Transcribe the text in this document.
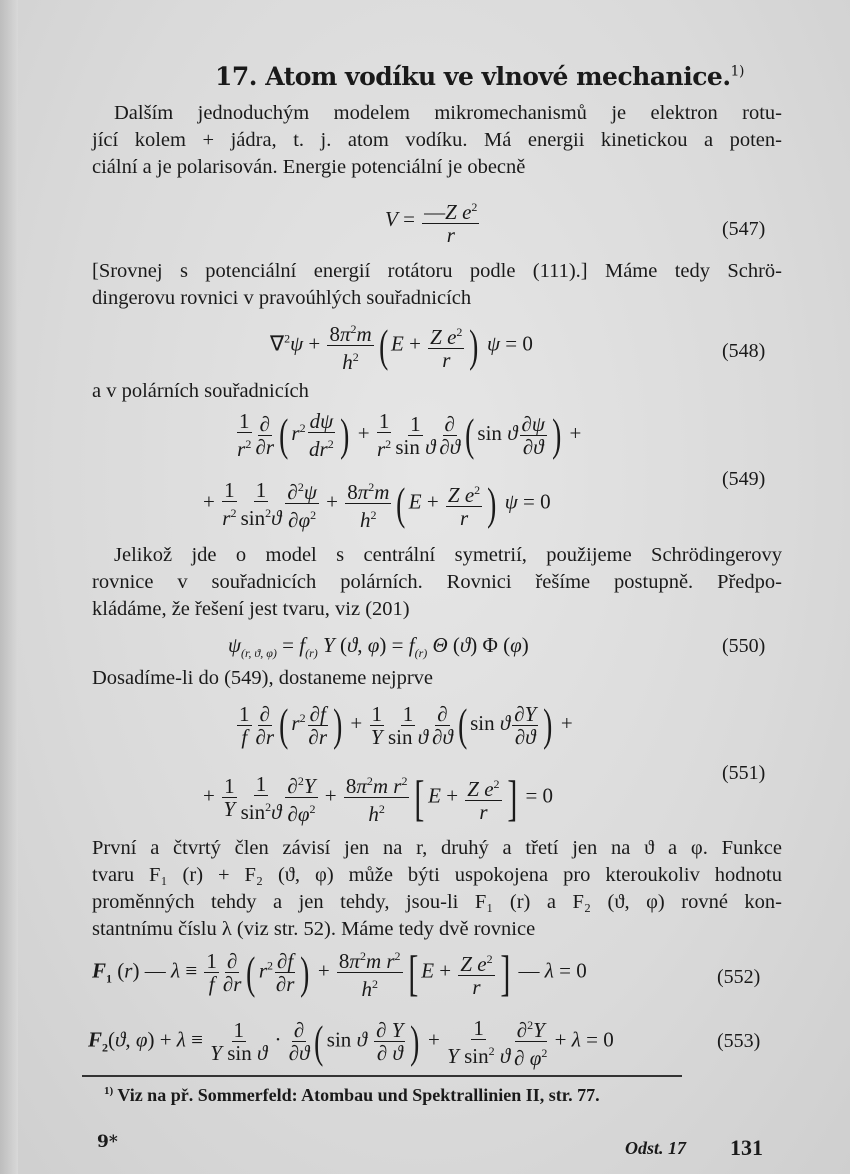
17. Atom vodíku ve vlnové mechanice.$^{1)}$
Dalším jednoduchým modelem mikromechanismů je elektron rotu-
jící kolem + jádra, t. j. atom vodíku. Má energii kinetickou a poten-
ciální a je polarisován. Energie potenciální je obecně
$V = \frac{—Z e^2}{r}$	(547)
[Srovnej s potenciální energií rotátoru podle (111).] Máme tedy Schrö-
dingerovu rovnici v pravoúhlých souřadnicích
$\nabla^2\psi + \frac{8\pi^2m}{h^2}$ ( $E + \frac{Z e^2}{r}$ ) ψ = 0	(548)
a v polárních souřadnicích
$\frac{1}{r^2} \frac{\partial}{\partial r}$ ( $r^2 \frac{d\psi}{dr^2}$ ) + $\frac{1}{r^2} \frac{1}{\text{sin ϑ}} \frac{\partial}{\partial ϑ}$ ( sin ϑ $\frac{\partial\psi}{\partial ϑ}$ ) +
+ $\frac{1}{r^2} \frac{1}{\sin^2ϑ} \frac{\partial^2\psi}{\partial\varphi^2} + \frac{8\pi^2m}{h^2}$ ( $E + \frac{Z e^2}{r}$ ) ψ = 0
(549)
Jelikož jde o model s centrální symetrií, použijeme Schrödingerovy
rovnice v souřadnicích polárních. Rovnici řešíme postupně. Předpo-
kládáme, že řešení jest tvaru, viz (201)
$\psi_{(r, ϑ, \varphi)} = f_{(r)}$ Y (ϑ, $\varphi) = f_{(r)}$ Θ (ϑ) Φ (φ)	(550)
Dosadíme-li do (549), dostaneme nejprve
$\frac{1}{f} \frac{\partial}{\partial r}$ ( $r^2 \frac{\partial f}{\partial r}$ ) + $\frac{1}{Y} \frac{1}{\text{sin ϑ}} \frac{\partial}{\partial ϑ}$ ( sin ϑ $\frac{\partial Y}{\partial ϑ}$ ) +
+ $\frac{1}{Y} \frac{1}{\sin^2ϑ} \frac{\partial^2Y}{\partial\varphi^2} + \frac{8\pi^2m r^2}{h^2}$ [ $E + \frac{Z e^2}{r}$ ] = 0
(551)
První a čtvrtý člen závisí jen na r, druhý a třetí jen na ϑ a φ. Funkce
tvaru F₁ (r) + F₂ (ϑ, φ) může býti uspokojena pro kteroukoliv hodnotu
proměnných tehdy a jen tehdy, jsou-li F₁ (r) a F₂ (ϑ, φ) rovné kon-
stantnímu číslu λ (viz str. 52). Máme tedy dvě rovnice
$F_1$ (r) — $\lambda \equiv \frac{1}{f} \frac{\partial}{\partial r}$ ( $r^2 \frac{\partial f}{\partial r}$ ) + $\frac{8\pi^2m r^2}{h^2}$ [ $E + \frac{Z e^2}{r}$ ] — λ = 0	(552)
$F_2(ϑ$, $\varphi) + \lambda \equiv \frac{1}{\text{Y sin ϑ}} \cdot \frac{\partial}{\partial ϑ}$ ( sin ϑ $\frac{\partial Y}{\partial ϑ}$ ) + $\frac{1}{Y \sin^2 ϑ} \frac{\partial^2Y}{\partial \varphi^2} + \lambda = 0$	(553)
$^{1)}$ Viz na př. Sommerfeld: Atombau und Spektrallinien II, str. 77.
9*	Odst. 17 131
